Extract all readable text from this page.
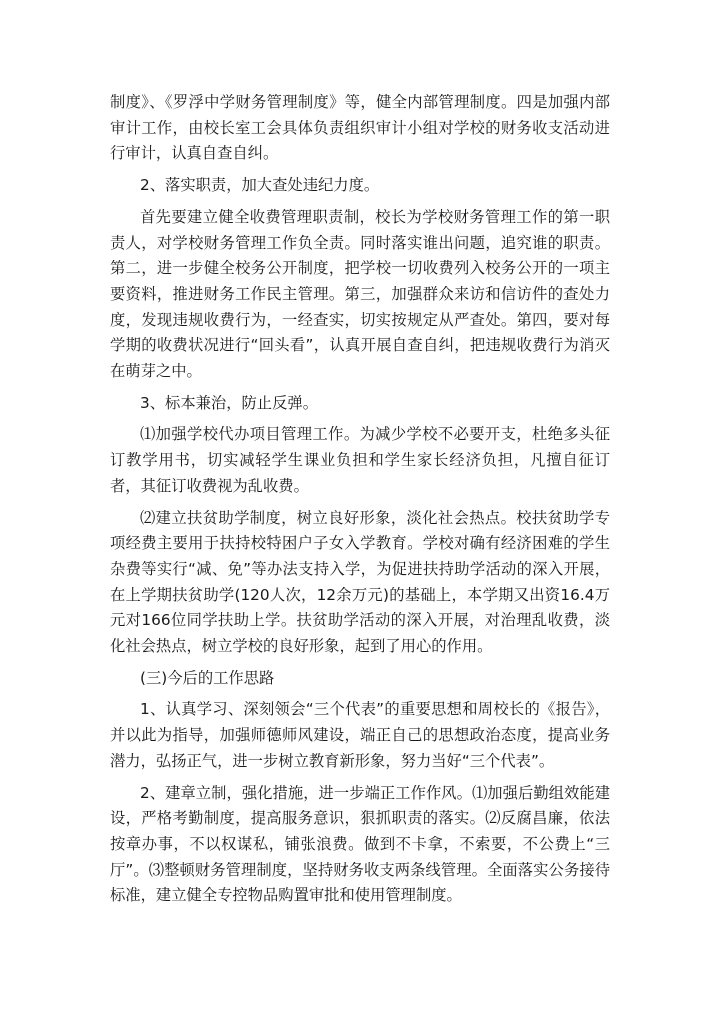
制度》、《罗浮中学财务管理制度》等，健全内部管理制度。四是加强内部审计工作，由校长室工会具体负责组织审计小组对学校的财务收支活动进行审计，认真自查自纠。

2、落实职责，加大查处违纪力度。

首先要建立健全收费管理职责制，校长为学校财务管理工作的第一职责人，对学校财务管理工作负全责。同时落实谁出问题，追究谁的职责。第二，进一步健全校务公开制度，把学校一切收费列入校务公开的一项主要资料，推进财务工作民主管理。第三，加强群众来访和信访件的查处力度，发现违规收费行为，一经查实，切实按规定从严查处。第四，要对每学期的收费状况进行“回头看”，认真开展自查自纠，把违规收费行为消灭在萌芽之中。

3、标本兼治，防止反弹。

⑴加强学校代办项目管理工作。为减少学校不必要开支，杜绝多头征订教学用书，切实减轻学生课业负担和学生家长经济负担，凡擅自征订者，其征订收费视为乱收费。

⑵建立扶贫助学制度，树立良好形象，淡化社会热点。校扶贫助学专项经费主要用于扶持校特困户子女入学教育。学校对确有经济困难的学生杂费等实行“减、免”等办法支持入学，为促进扶持助学活动的深入开展，在上学期扶贫助学(120人次，12余万元)的基础上，本学期又出资16.4万元对166位同学扶助上学。扶贫助学活动的深入开展，对治理乱收费，淡化社会热点，树立学校的良好形象，起到了用心的作用。

(三)今后的工作思路

1、认真学习、深刻领会“三个代表”的重要思想和周校长的《报告》，并以此为指导，加强师德师风建设，端正自己的思想政治态度，提高业务潜力，弘扬正气，进一步树立教育新形象，努力当好“三个代表”。

2、建章立制，强化措施，进一步端正工作作风。⑴加强后勤组效能建设，严格考勤制度，提高服务意识，狠抓职责的落实。⑵反腐昌廉，依法按章办事，不以权谋私，铺张浪费。做到不卡拿，不索要，不公费上“三厅”。⑶整顿财务管理制度，坚持财务收支两条线管理。全面落实公务接待标准，建立健全专控物品购置审批和使用管理制度。
